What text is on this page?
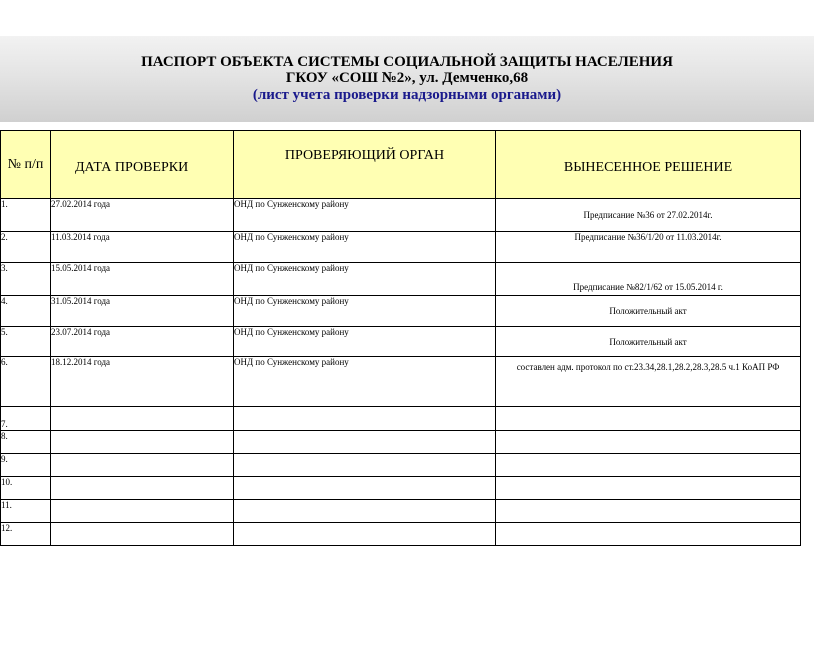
ПАСПОРТ ОБЪЕКТА СИСТЕМЫ СОЦИАЛЬНОЙ ЗАЩИТЫ НАСЕЛЕНИЯ
ГКОУ «СОШ №2», ул. Демченко,68
(лист учета проверки надзорными органами)
№ п/п	ДАТА ПРОВЕРКИ	ПРОВЕРЯЮЩИЙ ОРГАН	ВЫНЕСЕННОЕ РЕШЕНИЕ
1.	27.02.2014 года	ОНД по Сунженскому району	Предписание №36 от 27.02.2014г.
2.	11.03.2014 года	ОНД по Сунженскому району	Предписание №36/1/20 от 11.03.2014г.
3.	15.05.2014 года	ОНД по Сунженскому району	Предписание №82/1/62 от 15.05.2014 г.
4.	31.05.2014 года	ОНД по Сунженскому району	Положительный акт
5.	23.07.2014 года	ОНД по Сунженскому району	Положительный акт
6.	18.12.2014 года	ОНД по Сунженскому району	составлен адм. протокол по ст.23.34,28.1,28.2,28.3,28.5 ч.1 КоАП РФ
7.			
8.			
9.			
10.			
11.			
12.			
